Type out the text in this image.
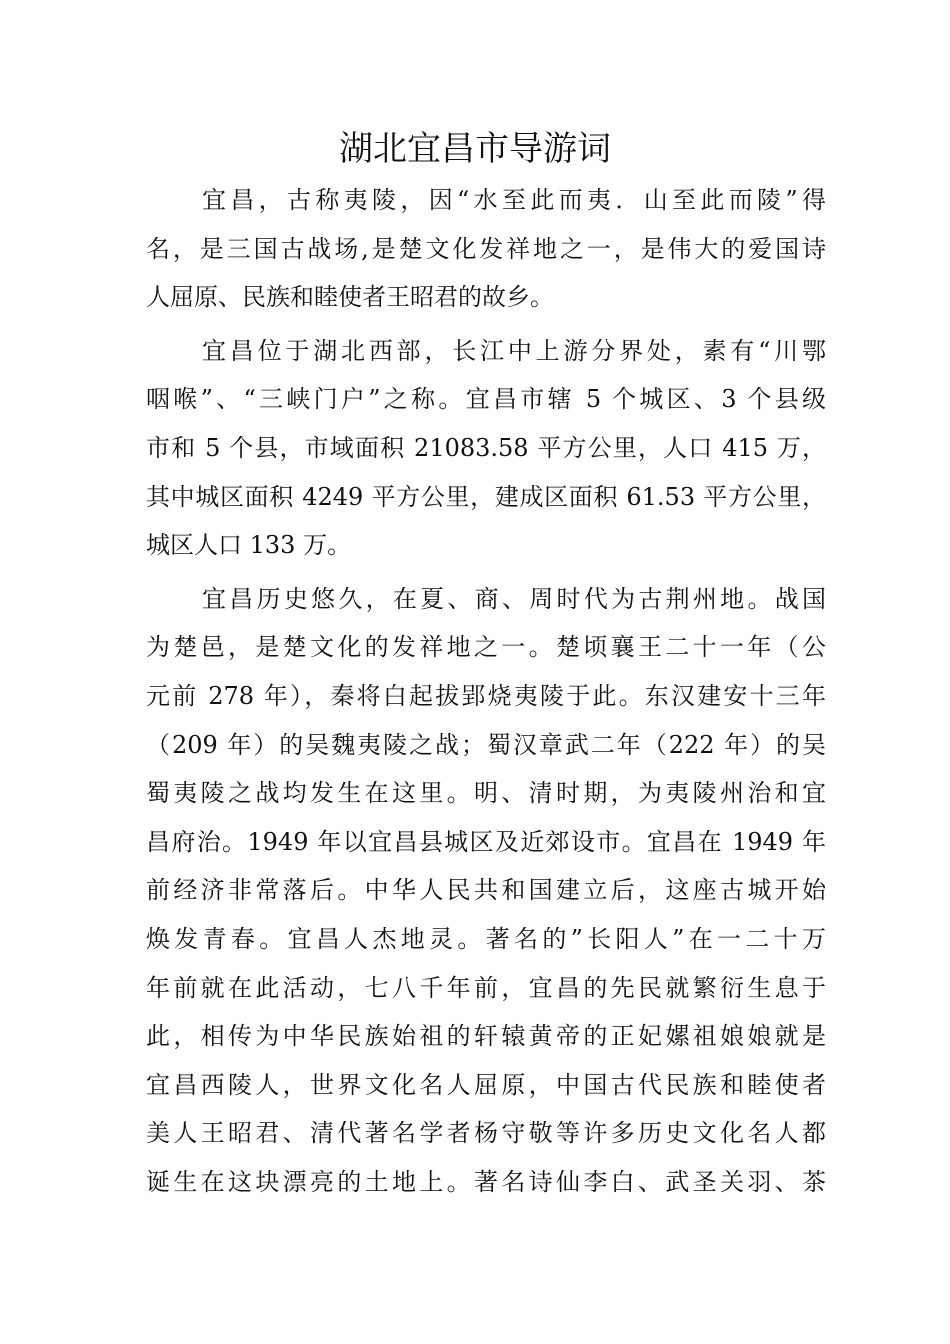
湖北宜昌市导游词

宜昌，古称夷陵，因“水至此而夷．山至此而陵”得
名，是三国古战场,是楚文化发祥地之一，是伟大的爱国诗
人屈原、民族和睦使者王昭君的故乡。

宜昌位于湖北西部，长江中上游分界处，素有“川鄂
咽喉”、“三峡门户”之称。宜昌市辖 5 个城区、3 个县级
市和 5 个县，市域面积 21083.58 平方公里，人口 415 万，
其中城区面积 4249 平方公里，建成区面积 61.53 平方公里，
城区人口 133 万。

宜昌历史悠久，在夏、商、周时代为古荆州地。战国
为楚邑，是楚文化的发祥地之一。楚顷襄王二十一年（公
元前 278 年），秦将白起拔郢烧夷陵于此。东汉建安十三年
（209 年）的吴魏夷陵之战；蜀汉章武二年（222 年）的吴
蜀夷陵之战均发生在这里。明、清时期，为夷陵州治和宜
昌府治。1949 年以宜昌县城区及近郊设市。宜昌在 1949 年
前经济非常落后。中华人民共和国建立后，这座古城开始
焕发青春。宜昌人杰地灵。著名的”长阳人”在一二十万
年前就在此活动，七八千年前，宜昌的先民就繁衍生息于
此，相传为中华民族始祖的轩辕黄帝的正妃嫘祖娘娘就是
宜昌西陵人，世界文化名人屈原，中国古代民族和睦使者
美人王昭君、清代著名学者杨守敬等许多历史文化名人都
诞生在这块漂亮的土地上。著名诗仙李白、武圣关羽、茶
